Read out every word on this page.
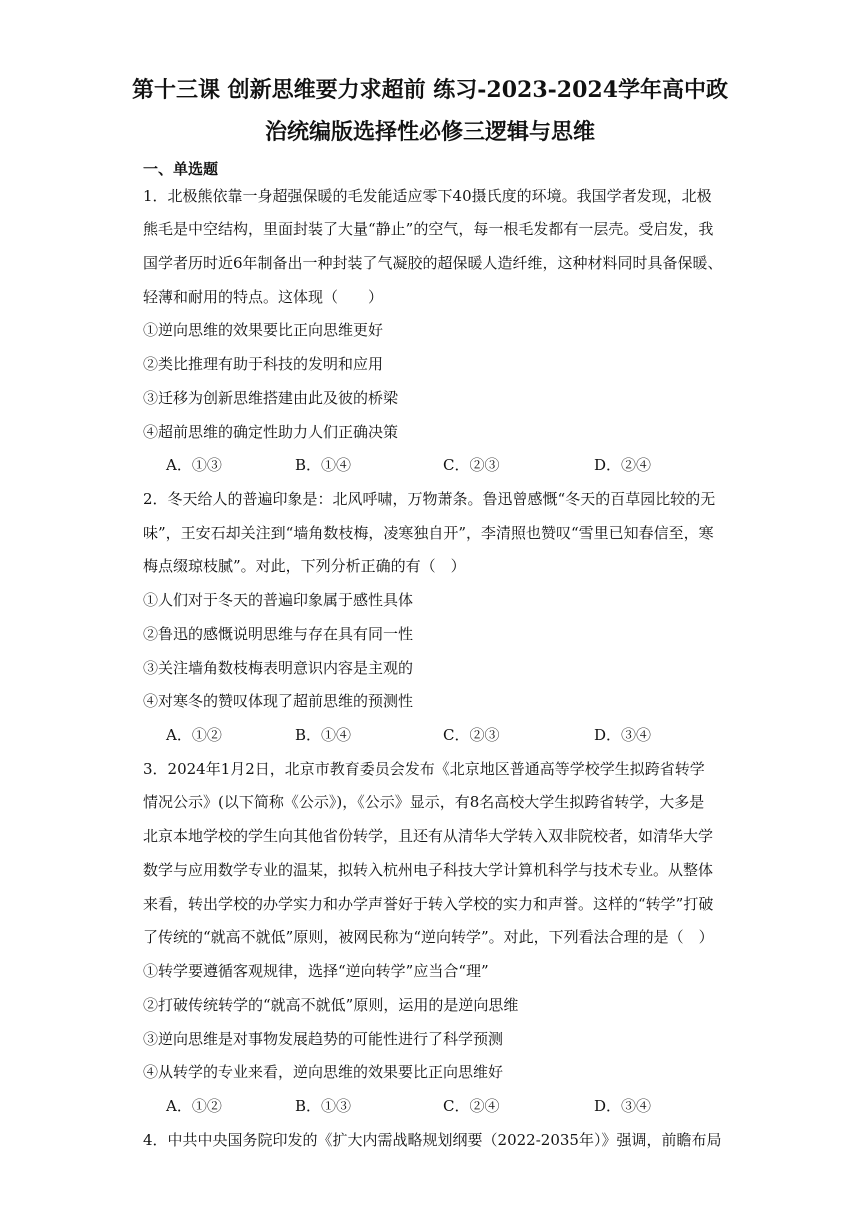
第十三课 创新思维要力求超前 练习-2023-2024学年高中政
治统编版选择性必修三逻辑与思维
一、单选题
1．北极熊依靠一身超强保暖的毛发能适应零下40摄氏度的环境。我国学者发现，北极
熊毛是中空结构，里面封装了大量“静止”的空气，每一根毛发都有一层壳。受启发，我
国学者历时近6年制备出一种封装了气凝胶的超保暖人造纤维，这种材料同时具备保暖、
轻薄和耐用的特点。这体现（　　）
①逆向思维的效果要比正向思维更好
②类比推理有助于科技的发明和应用
③迁移为创新思维搭建由此及彼的桥梁
④超前思维的确定性助力人们正确决策
A．①③	B．①④	C．②③	D．②④
2．冬天给人的普遍印象是：北风呼啸，万物萧条。鲁迅曾感慨“冬天的百草园比较的无
味”，王安石却关注到“墙角数枝梅，凌寒独自开”，李清照也赞叹“雪里已知春信至，寒
梅点缀琼枝腻”。对此，下列分析正确的有（　）
①人们对于冬天的普遍印象属于感性具体
②鲁迅的感慨说明思维与存在具有同一性
③关注墙角数枝梅表明意识内容是主观的
④对寒冬的赞叹体现了超前思维的预测性
A．①②	B．①④	C．②③	D．③④
3．2024年1月2日，北京市教育委员会发布《北京地区普通高等学校学生拟跨省转学
情况公示》(以下简称《公示》)，《公示》显示，有8名高校大学生拟跨省转学，大多是
北京本地学校的学生向其他省份转学，且还有从清华大学转入双非院校者，如清华大学
数学与应用数学专业的温某，拟转入杭州电子科技大学计算机科学与技术专业。从整体
来看，转出学校的办学实力和办学声誉好于转入学校的实力和声誉。这样的“转学”打破
了传统的“就高不就低”原则，被网民称为“逆向转学”。对此，下列看法合理的是（　）
①转学要遵循客观规律，选择“逆向转学”应当合“理”
②打破传统转学的“就高不就低”原则，运用的是逆向思维
③逆向思维是对事物发展趋势的可能性进行了科学预测
④从转学的专业来看，逆向思维的效果要比正向思维好
A．①②	B．①③	C．②④	D．③④
4．中共中央国务院印发的《扩大内需战略规划纲要（2022-2035年）》强调，前瞻布局
